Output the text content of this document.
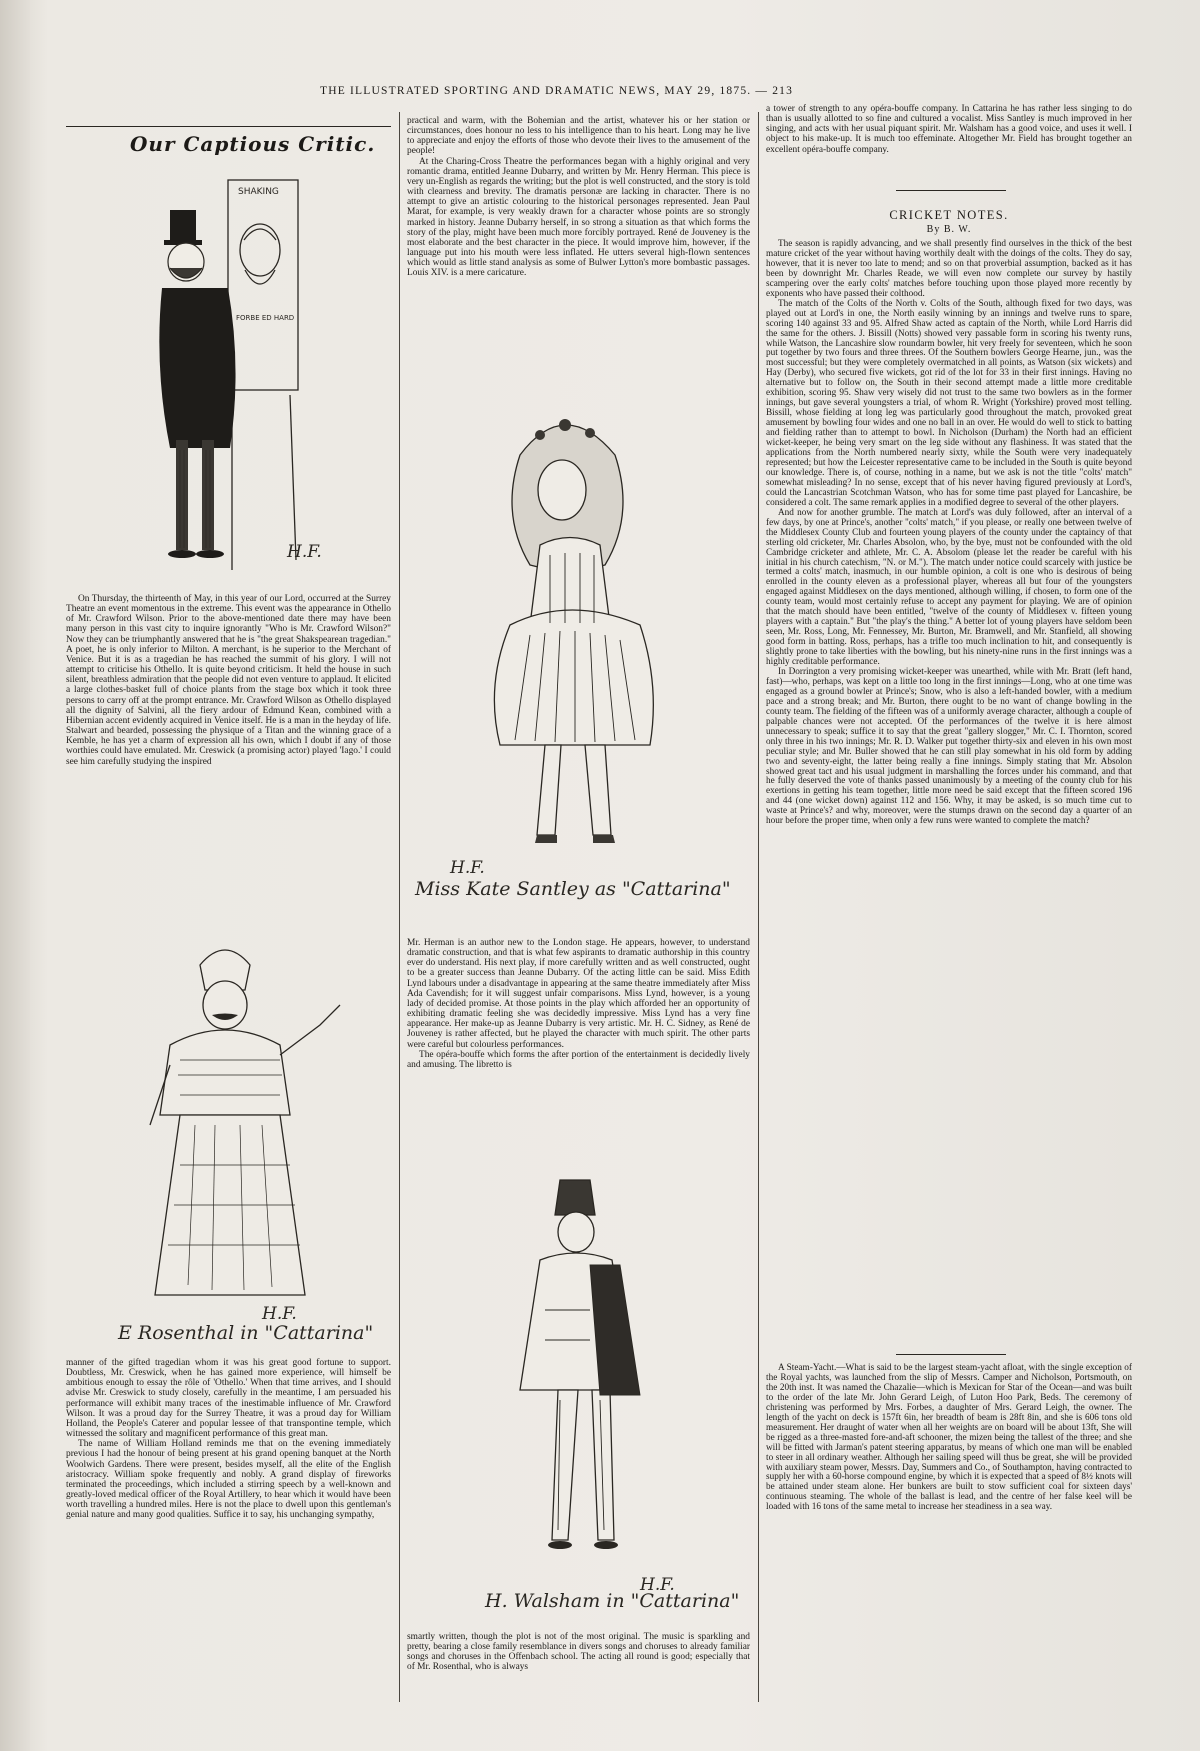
THE ILLUSTRATED SPORTING AND DRAMATIC NEWS, MAY 29, 1875. — 213
Our Captious Critic.
SHAKING
FORBE ED HARD
H.F.

On Thursday, the thirteenth of May, in this year of our Lord, occurred at the Surrey Theatre an event momentous in the extreme. This event was the appearance in Othello of Mr. Crawford Wilson. Prior to the above-mentioned date there may have been many person in this vast city to inquire ignorantly "Who is Mr. Crawford Wilson?" Now they can be triumphantly answered that he is "the great Shakspearean tragedian." A poet, he is only inferior to Milton. A merchant, is he superior to the Merchant of Venice. But it is as a tragedian he has reached the summit of his glory. I will not attempt to criticise his Othello. It is quite beyond criticism. It held the house in such silent, breathless admiration that the people did not even venture to applaud. It elicited a large clothes-basket full of choice plants from the stage box which it took three persons to carry off at the prompt entrance. Mr. Crawford Wilson as Othello displayed all the dignity of Salvini, all the fiery ardour of Edmund Kean, combined with a Hibernian accent evidently acquired in Venice itself. He is a man in the heyday of life. Stalwart and bearded, possessing the physique of a Titan and the winning grace of a Kemble, he has yet a charm of expression all his own, which I doubt if any of those worthies could have emulated. Mr. Creswick (a promising actor) played 'Iago.' I could see him carefully studying the inspired

E Rosenthal in "Cattarina"
H.F.

manner of the gifted tragedian whom it was his great good fortune to support. Doubtless, Mr. Creswick, when he has gained more experience, will himself be ambitious enough to essay the rôle of 'Othello.' When that time arrives, and I should advise Mr. Creswick to study closely, carefully in the meantime, I am persuaded his performance will exhibit many traces of the inestimable influence of Mr. Crawford Wilson. It was a proud day for the Surrey Theatre, it was a proud day for William Holland, the People's Caterer and popular lessee of that transpontine temple, which witnessed the solitary and magnificent performance of this great man.

The name of William Holland reminds me that on the evening immediately previous I had the honour of being present at his grand opening banquet at the North Woolwich Gardens. There were present, besides myself, all the elite of the English aristocracy. William spoke frequently and nobly. A grand display of fireworks terminated the proceedings, which included a stirring speech by a well-known and greatly-loved medical officer of the Royal Artillery, to hear which it would have been worth travelling a hundred miles. Here is not the place to dwell upon this gentleman's genial nature and many good qualities. Suffice it to say, his unchanging sympathy,

practical and warm, with the Bohemian and the artist, whatever his or her station or circumstances, does honour no less to his intelligence than to his heart. Long may he live to appreciate and enjoy the efforts of those who devote their lives to the amusement of the people!

At the Charing-Cross Theatre the performances began with a highly original and very romantic drama, entitled Jeanne Dubarry, and written by Mr. Henry Herman. This piece is very un-English as regards the writing; but the plot is well constructed, and the story is told with clearness and brevity. The dramatis personæ are lacking in character. There is no attempt to give an artistic colouring to the historical personages represented. Jean Paul Marat, for example, is very weakly drawn for a character whose points are so strongly marked in history. Jeanne Dubarry herself, in so strong a situation as that which forms the story of the play, might have been much more forcibly portrayed. René de Jouveney is the most elaborate and the best character in the piece. It would improve him, however, if the language put into his mouth were less inflated. He utters several high-flown sentences which would as little stand analysis as some of Bulwer Lytton's more bombastic passages. Louis XIV. is a mere caricature.

Miss Kate Santley as "Cattarina"
H.F.

Mr. Herman is an author new to the London stage. He appears, however, to understand dramatic construction, and that is what few aspirants to dramatic authorship in this country ever do understand. His next play, if more carefully written and as well constructed, ought to be a greater success than Jeanne Dubarry. Of the acting little can be said. Miss Edith Lynd labours under a disadvantage in appearing at the same theatre immediately after Miss Ada Cavendish; for it will suggest unfair comparisons. Miss Lynd, however, is a young lady of decided promise. At those points in the play which afforded her an opportunity of exhibiting dramatic feeling she was decidedly impressive. Miss Lynd has a very fine appearance. Her make-up as Jeanne Dubarry is very artistic. Mr. H. C. Sidney, as René de Jouveney is rather affected, but he played the character with much spirit. The other parts were careful but colourless performances.

The opéra-bouffe which forms the after portion of the entertainment is decidedly lively and amusing. The libretto is

H. Walsham in "Cattarina"
H.F.

smartly written, though the plot is not of the most original. The music is sparkling and pretty, bearing a close family resemblance in divers songs and choruses to already familiar songs and choruses in the Offenbach school. The acting all round is good; especially that of Mr. Rosenthal, who is always

a tower of strength to any opéra-bouffe company. In Cattarina he has rather less singing to do than is usually allotted to so fine and cultured a vocalist. Miss Santley is much improved in her singing, and acts with her usual piquant spirit. Mr. Walsham has a good voice, and uses it well. I object to his make-up. It is much too effeminate. Altogether Mr. Field has brought together an excellent opéra-bouffe company.

CRICKET NOTES.
By B. W.

The season is rapidly advancing, and we shall presently find ourselves in the thick of the best mature cricket of the year without having worthily dealt with the doings of the colts. They do say, however, that it is never too late to mend; and so on that proverbial assumption, backed as it has been by downright Mr. Charles Reade, we will even now complete our survey by hastily scampering over the early colts' matches before touching upon those played more recently by exponents who have passed their colthood.

The match of the Colts of the North v. Colts of the South, although fixed for two days, was played out at Lord's in one, the North easily winning by an innings and twelve runs to spare, scoring 140 against 33 and 95. Alfred Shaw acted as captain of the North, while Lord Harris did the same for the others. J. Bissill (Notts) showed very passable form in scoring his twenty runs, while Watson, the Lancashire slow roundarm bowler, hit very freely for seventeen, which he soon put together by two fours and three threes. Of the Southern bowlers George Hearne, jun., was the most successful; but they were completely overmatched in all points, as Watson (six wickets) and Hay (Derby), who secured five wickets, got rid of the lot for 33 in their first innings. Having no alternative but to follow on, the South in their second attempt made a little more creditable exhibition, scoring 95. Shaw very wisely did not trust to the same two bowlers as in the former innings, but gave several youngsters a trial, of whom R. Wright (Yorkshire) proved most telling. Bissill, whose fielding at long leg was particularly good throughout the match, provoked great amusement by bowling four wides and one no ball in an over. He would do well to stick to batting and fielding rather than to attempt to bowl. In Nicholson (Durham) the North had an efficient wicket-keeper, he being very smart on the leg side without any flashiness. It was stated that the applications from the North numbered nearly sixty, while the South were very inadequately represented; but how the Leicester representative came to be included in the South is quite beyond our knowledge. There is, of course, nothing in a name, but we ask is not the title "colts' match" somewhat misleading? In no sense, except that of his never having figured previously at Lord's, could the Lancastrian Scotchman Watson, who has for some time past played for Lancashire, be considered a colt. The same remark applies in a modified degree to several of the other players.

And now for another grumble. The match at Lord's was duly followed, after an interval of a few days, by one at Prince's, another "colts' match," if you please, or really one between twelve of the Middlesex County Club and fourteen young players of the county under the captaincy of that sterling old cricketer, Mr. Charles Absolon, who, by the bye, must not be confounded with the old Cambridge cricketer and athlete, Mr. C. A. Absolom (please let the reader be careful with his initial in his church catechism, "N. or M."). The match under notice could scarcely with justice be termed a colts' match, inasmuch, in our humble opinion, a colt is one who is desirous of being enrolled in the county eleven as a professional player, whereas all but four of the youngsters engaged against Middlesex on the days mentioned, although willing, if chosen, to form one of the county team, would most certainly refuse to accept any payment for playing. We are of opinion that the match should have been entitled, "twelve of the county of Middlesex v. fifteen young players with a captain." But "the play's the thing." A better lot of young players have seldom been seen, Mr. Ross, Long, Mr. Fennessey, Mr. Burton, Mr. Bramwell, and Mr. Stanfield, all showing good form in batting. Ross, perhaps, has a trifle too much inclination to hit, and consequently is slightly prone to take liberties with the bowling, but his ninety-nine runs in the first innings was a highly creditable performance.

In Dorrington a very promising wicket-keeper was unearthed, while with Mr. Bratt (left hand, fast)—who, perhaps, was kept on a little too long in the first innings—Long, who at one time was engaged as a ground bowler at Prince's; Snow, who is also a left-handed bowler, with a medium pace and a strong break; and Mr. Burton, there ought to be no want of change bowling in the county team. The fielding of the fifteen was of a uniformly average character, although a couple of palpable chances were not accepted. Of the performances of the twelve it is here almost unnecessary to speak; suffice it to say that the great "gallery slogger," Mr. C. I. Thornton, scored only three in his two innings; Mr. R. D. Walker put together thirty-six and eleven in his own most peculiar style; and Mr. Buller showed that he can still play somewhat in his old form by adding two and seventy-eight, the latter being really a fine innings. Simply stating that Mr. Absolon showed great tact and his usual judgment in marshalling the forces under his command, and that he fully deserved the vote of thanks passed unanimously by a meeting of the county club for his exertions in getting his team together, little more need be said except that the fifteen scored 196 and 44 (one wicket down) against 112 and 156. Why, it may be asked, is so much time cut to waste at Prince's? and why, moreover, were the stumps drawn on the second day a quarter of an hour before the proper time, when only a few runs were wanted to complete the match?

A Steam-Yacht.—What is said to be the largest steam-yacht afloat, with the single exception of the Royal yachts, was launched from the slip of Messrs. Camper and Nicholson, Portsmouth, on the 20th inst. It was named the Chazalie—which is Mexican for Star of the Ocean—and was built to the order of the late Mr. John Gerard Leigh, of Luton Hoo Park, Beds. The ceremony of christening was performed by Mrs. Forbes, a daughter of Mrs. Gerard Leigh, the owner. The length of the yacht on deck is 157ft 6in, her breadth of beam is 28ft 8in, and she is 606 tons old measurement. Her draught of water when all her weights are on board will be about 13ft, She will be rigged as a three-masted fore-and-aft schooner, the mizen being the tallest of the three; and she will be fitted with Jarman's patent steering apparatus, by means of which one man will be enabled to steer in all ordinary weather. Although her sailing speed will thus be great, she will be provided with auxiliary steam power, Messrs. Day, Summers and Co., of Southampton, having contracted to supply her with a 60-horse compound engine, by which it is expected that a speed of 8½ knots will be attained under steam alone. Her bunkers are built to stow sufficient coal for sixteen days' continuous steaming. The whole of the ballast is lead, and the centre of her false keel will be loaded with 16 tons of the same metal to increase her steadiness in a sea way.
